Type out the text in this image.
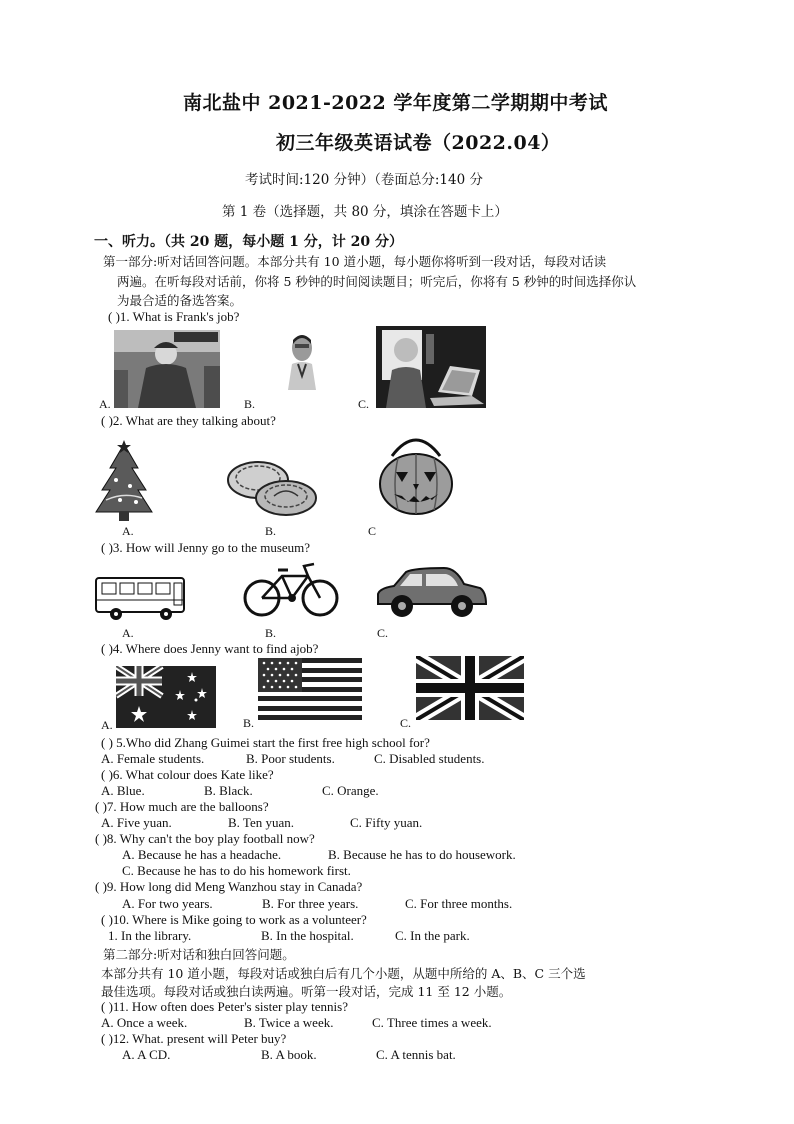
南北盐中 2021-2022 学年度第二学期期中考试
初三年级英语试卷（2022.04）
考试时间:120 分钟）（卷面总分:140 分
第 1 卷（选择题，共 80 分，填涂在答题卡上）
一、听力。（共 20 题，每小题 1 分，计 20 分）
第一部分:听对话回答问题。本部分共有 10 道小题，每小题你将听到一段对话，每段对话读
两遍。在听每段对话前，你将 5 秒钟的时间阅读题目；听完后，你将有 5 秒钟的时间选择你认
为最合适的备选答案。
( )1. What is Frank's job?
A.	B.	C.
( )2. What are they talking about?
A.	B.	C
( )3. How will Jenny go to the museum?
A.	B.	C.
( )4. Where does Jenny want to find ajob?
A.	B.	C.
( ) 5.Who did Zhang Guimei start the first free high school for?
A. Female students.	B. Poor students.	C. Disabled students.
( )6. What colour does Kate like?
A. Blue.	B. Black.	C. Orange.
( )7. How much are the balloons?
A. Five yuan.	B. Ten yuan.	C. Fifty yuan.
( )8. Why can't the boy play football now?
A. Because he has a headache.	B. Because he has to do housework.
C. Because he has to do his homework first.
( )9. How long did Meng Wanzhou stay in Canada?
A. For two years.	B. For three years.	C. For three months.
( )10. Where is Mike going to work as a volunteer?
1. In the library.	B. In the hospital.	C. In the park.
第二部分:听对话和独白回答问题。
本部分共有 10 道小题，每段对话或独白后有几个小题，从题中所给的 A、B、C 三个选
最佳选项。每段对话或独白读两遍。听第一段对话，完成 11 至 12 小题。
( )11. How often does Peter's sister play tennis?
A. Once a week.	B. Twice a week.	C. Three times a week.
( )12. What. present will Peter buy?
A. A CD.	B. A book.	C. A tennis bat.
